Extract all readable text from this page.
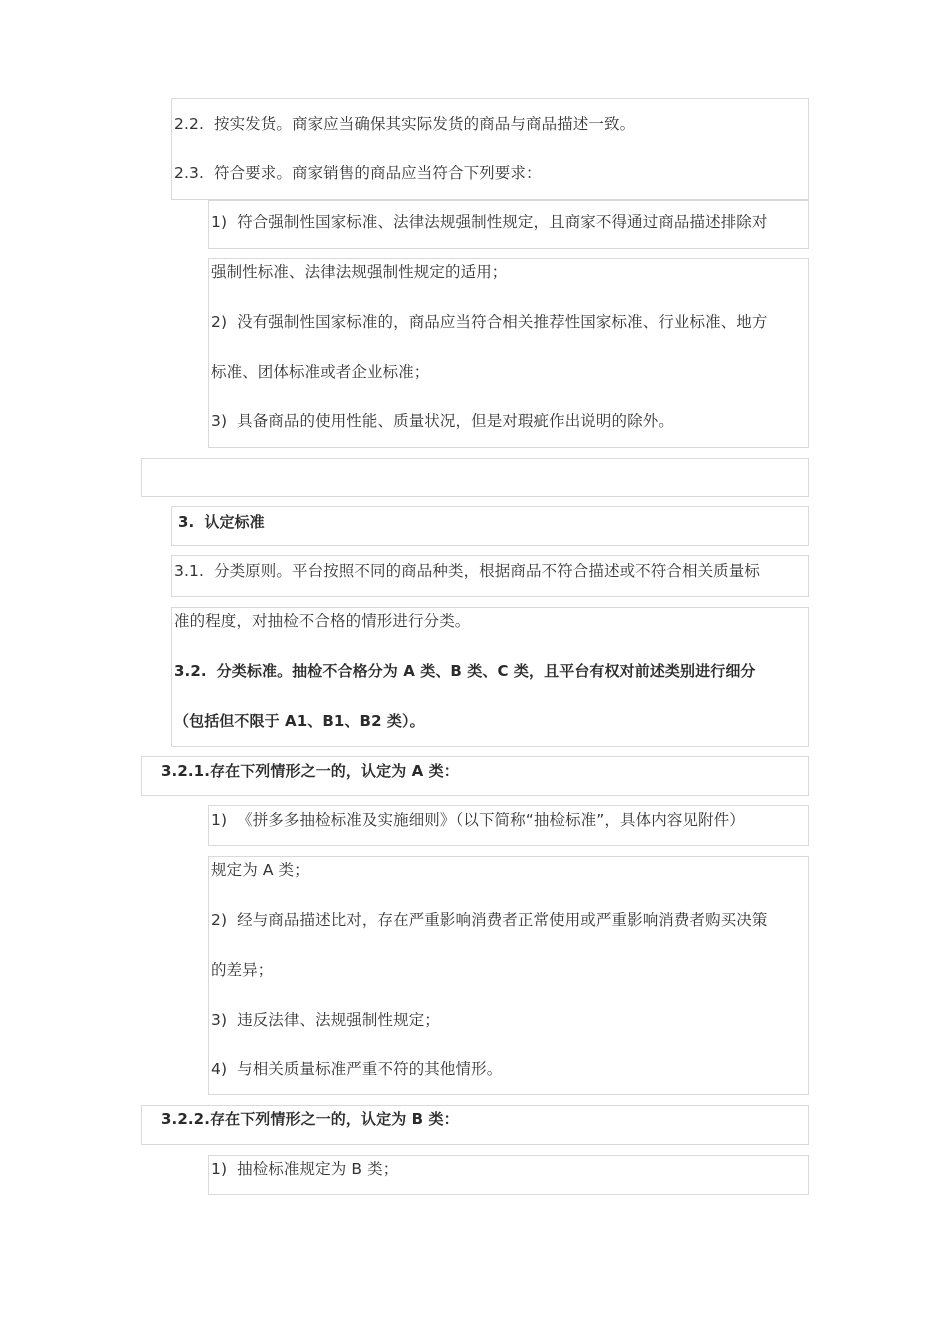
2.2. 按实发货。商家应当确保其实际发货的商品与商品描述一致。
2.3. 符合要求。商家销售的商品应当符合下列要求：
1) 符合强制性国家标准、法律法规强制性规定，且商家不得通过商品描述排除对
强制性标准、法律法规强制性规定的适用；
2) 没有强制性国家标准的，商品应当符合相关推荐性国家标准、行业标准、地方
标准、团体标准或者企业标准；
3) 具备商品的使用性能、质量状况，但是对瑕疵作出说明的除外。
3. 认定标准
3.1. 分类原则。平台按照不同的商品种类，根据商品不符合描述或不符合相关质量标
准的程度，对抽检不合格的情形进行分类。
3.2. 分类标准。抽检不合格分为 A 类、B 类、C 类，且平台有权对前述类别进行细分
（包括但不限于 A1、B1、B2 类）。
3.2.1.存在下列情形之一的，认定为 A 类：
1) 《拼多多抽检标准及实施细则》（以下简称“抽检标准”，具体内容见附件）
规定为 A 类；
2) 经与商品描述比对，存在严重影响消费者正常使用或严重影响消费者购买决策
的差异；
3) 违反法律、法规强制性规定；
4) 与相关质量标准严重不符的其他情形。
3.2.2.存在下列情形之一的，认定为 B 类：
1) 抽检标准规定为 B 类；
